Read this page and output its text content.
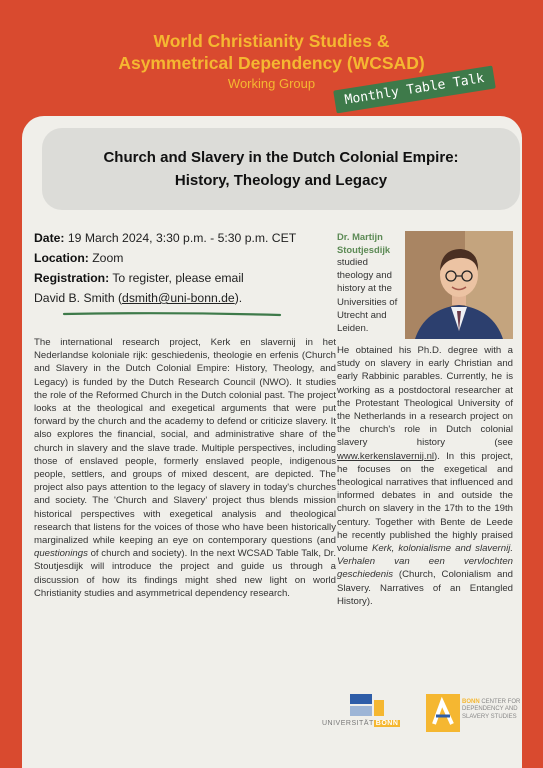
World Christianity Studies &
Asymmetrical Dependency (WCSAD)
Working Group	Monthly Table Talk
Church and Slavery in the Dutch Colonial Empire:
History, Theology and Legacy
Date: 19 March 2024, 3:30 p.m. - 5:30 p.m. CET
Location: Zoom
Registration: To register, please email
David B. Smith (dsmith@uni-bonn.de).
The international research project, Kerk en slavernij in het Nederlandse koloniale rijk: geschiedenis, theologie en erfenis (Church and Slavery in the Dutch Colonial Empire: History, Theology, and Legacy) is funded by the Dutch Research Council (NWO). It studies the role of the Reformed Church in the Dutch colonial past. The project looks at the theological and exegetical arguments that were put forward by the church and the academy to defend or criticize slavery. It also explores the financial, social, and administrative share of the church in slavery and the slave trade. Multiple perspectives, including those of enslaved people, formerly enslaved people, indigenous people, settlers, and groups of mixed descent, are depicted. The project also pays attention to the legacy of slavery in today's churches and society. The 'Church and Slavery' project thus blends mission historical perspectives with exegetical analysis and theological research that listens for the voices of those who have been historically marginalized while keeping an eye on contemporary questions (and questionings of church and society). In the next WCSAD Table Talk, Dr. Stoutjesdijk will introduce the project and guide us through a discussion of how its findings might shed new light on world Christianity studies and asymmetrical dependency research.
Dr. Martijn Stoutjesdijk
studied theology and history at the Universities of Utrecht and Leiden.
He obtained his Ph.D. degree with a study on slavery in early Christian and early Rabbinic parables. Currently, he is working as a postdoctoral researcher at the Protestant Theological University of the Netherlands in a research project on the church's role in Dutch colonial slavery history (see www.kerkenslavernij.nl). In this project, he focuses on the exegetical and theological narratives that influenced and informed debates in and outside the church on slavery in the 17th to the 19th century. Together with Bente de Leede he recently published the highly praised volume Kerk, kolonialisme and slavernij. Verhalen van een vervlochten geschiedenis (Church, Colonialism and Slavery. Narratives of an Entangled History).
UNIVERSITÄT BONN
BONN CENTER FOR DEPENDENCY AND SLAVERY STUDIES
